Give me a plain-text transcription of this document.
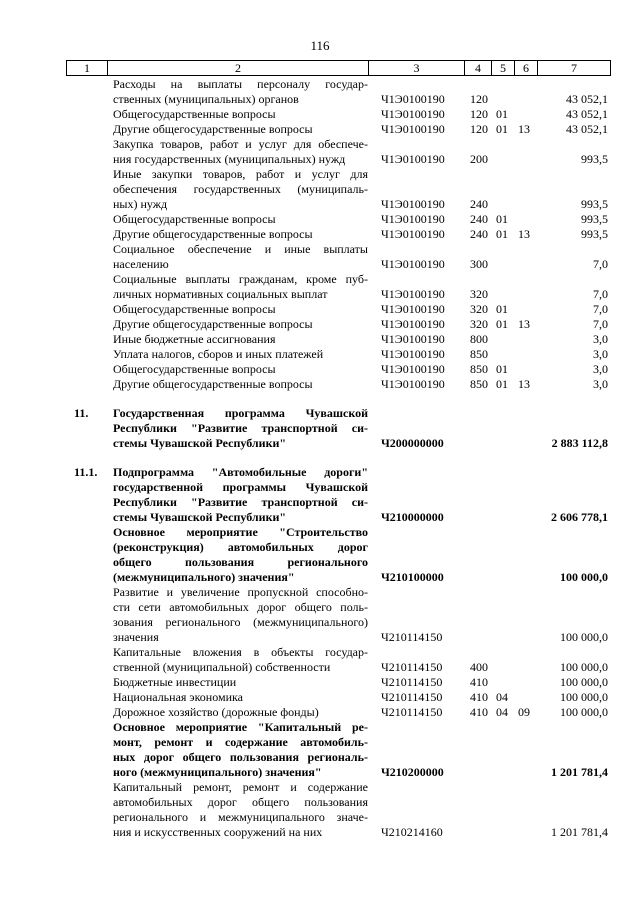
116
1	2	3	4	5	6	7
Расходы на выплаты персоналу государ-
ственных (муниципальных) органов	Ч1Э0100190 120	43 052,1
Общегосударственные вопросы	Ч1Э0100190 120 01	43 052,1
Другие общегосударственные вопросы	Ч1Э0100190 120 01 13	43 052,1
Закупка товаров, работ и услуг для обеспече-
ния государственных (муниципальных) нужд	Ч1Э0100190 200	993,5
Иные закупки товаров, работ и услуг для
обеспечения государственных (муниципаль-
ных) нужд	Ч1Э0100190 240	993,5
Общегосударственные вопросы	Ч1Э0100190 240 01	993,5
Другие общегосударственные вопросы	Ч1Э0100190 240 01 13	993,5
Социальное обеспечение и иные выплаты
населению	Ч1Э0100190 300	7,0
Социальные выплаты гражданам, кроме пуб-
личных нормативных социальных выплат	Ч1Э0100190 320	7,0
Общегосударственные вопросы	Ч1Э0100190 320 01	7,0
Другие общегосударственные вопросы	Ч1Э0100190 320 01 13	7,0
Иные бюджетные ассигнования	Ч1Э0100190 800	3,0
Уплата налогов, сборов и иных платежей	Ч1Э0100190 850	3,0
Общегосударственные вопросы	Ч1Э0100190 850 01	3,0
Другие общегосударственные вопросы	Ч1Э0100190 850 01 13	3,0
11.	Государственная программа Чувашской
Республики "Развитие транспортной си-
стемы Чувашской Республики"	Ч200000000	2 883 112,8
11.1.	Подпрограмма "Автомобильные дороги"
государственной программы Чувашской
Республики "Развитие транспортной си-
стемы Чувашской Республики"	Ч210000000	2 606 778,1
Основное мероприятие "Строительство
(реконструкция) автомобильных дорог
общего пользования регионального
(межмуниципального) значения"	Ч210100000	100 000,0
Развитие и увеличение пропускной способно-
сти сети автомобильных дорог общего поль-
зования регионального (межмуниципального)
значения	Ч210114150	100 000,0
Капитальные вложения в объекты государ-
ственной (муниципальной) собственности	Ч210114150 400	100 000,0
Бюджетные инвестиции	Ч210114150 410	100 000,0
Национальная экономика	Ч210114150 410 04	100 000,0
Дорожное хозяйство (дорожные фонды)	Ч210114150 410 04 09	100 000,0
Основное мероприятие "Капитальный ре-
монт, ремонт и содержание автомобиль-
ных дорог общего пользования региональ-
ного (межмуниципального) значения"	Ч210200000	1 201 781,4
Капитальный ремонт, ремонт и содержание
автомобильных дорог общего пользования
регионального и межмуниципального значе-
ния и искусственных сооружений на них	Ч210214160	1 201 781,4
